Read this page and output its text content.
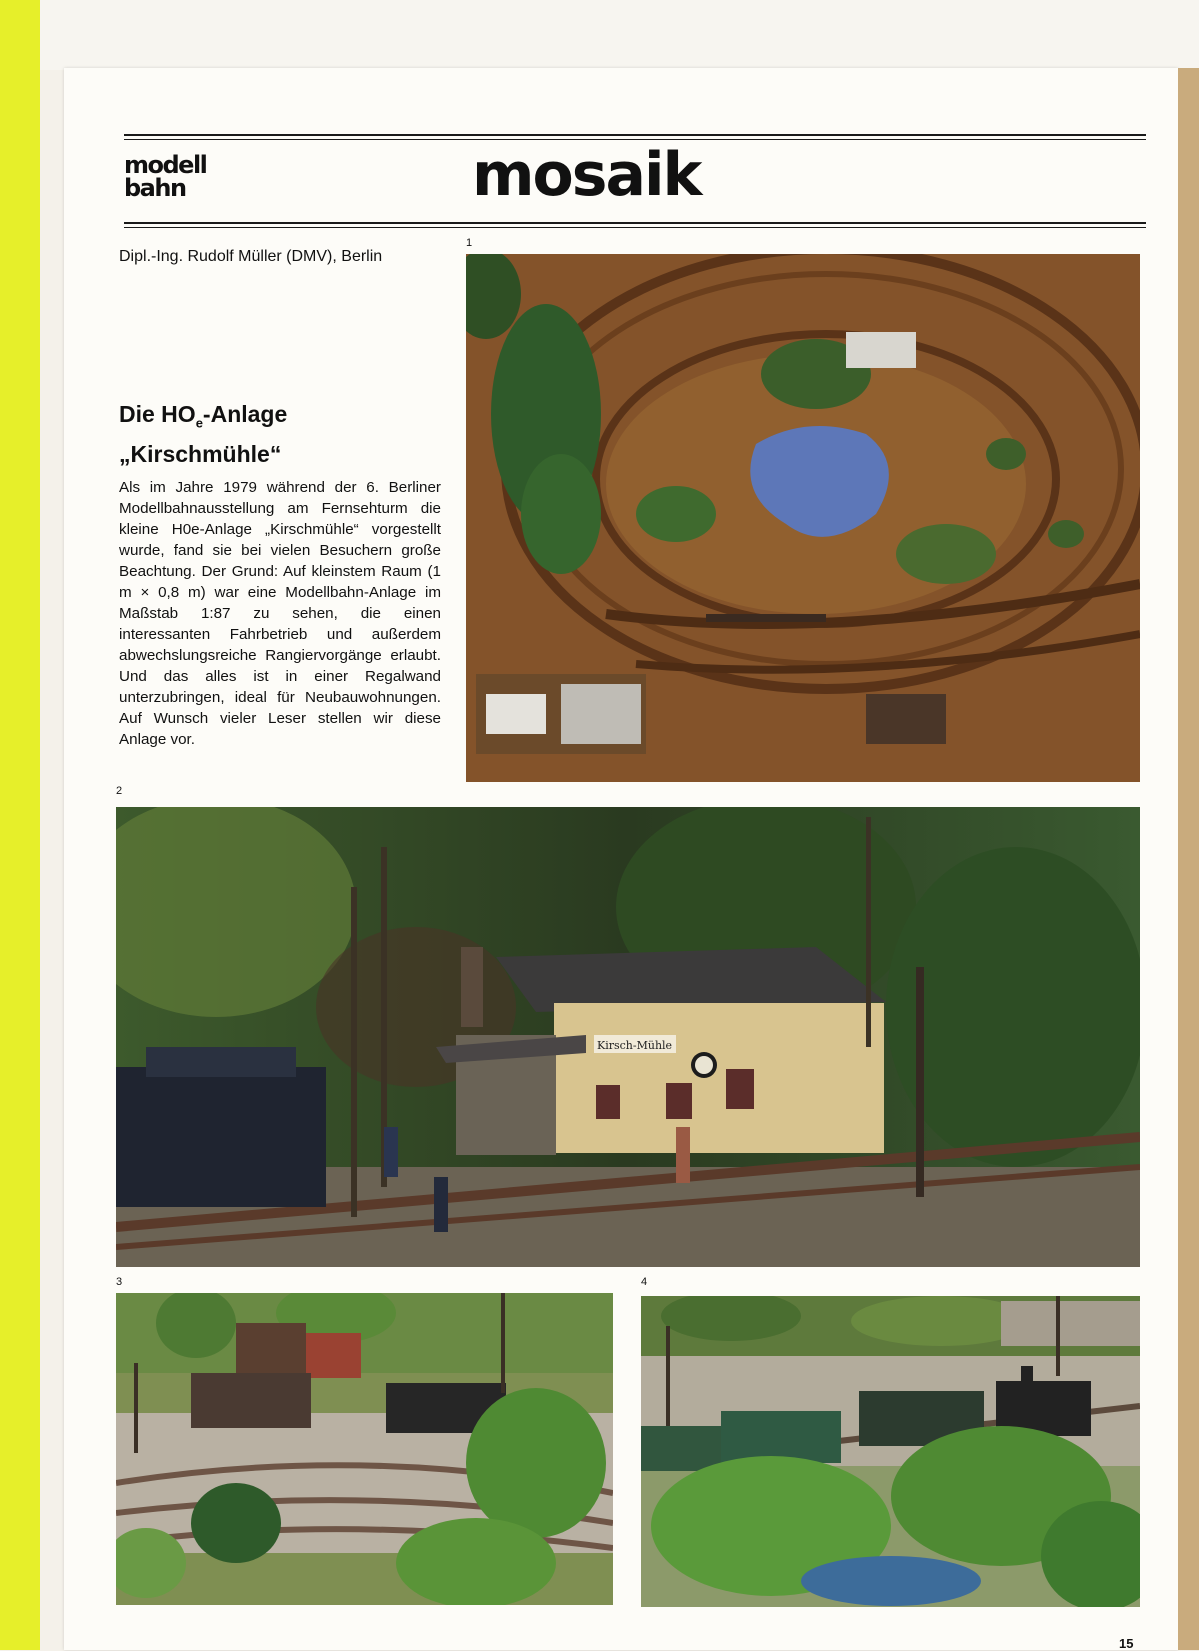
modell
bahn	mosaik
Dipl.-Ing. Rudolf Müller (DMV), Berlin
Die $HO_e$-Anlage
„Kirschmühle“
Als im Jahre 1979 während der 6. Berliner Modellbahnausstellung am Fernsehturm die kleine H0e-Anlage „Kirschmühle“ vorgestellt wurde, fand sie bei vielen Besuchern große Beachtung. Der Grund: Auf kleinstem Raum (1 m × 0,8 m) war eine Modellbahn-Anlage im Maßstab 1:87 zu sehen, die einen interessanten Fahrbetrieb und außerdem abwechslungsreiche Rangiervorgänge erlaubt. Und das alles ist in einer Regalwand unterzubringen, ideal für Neubauwohnungen. Auf Wunsch vieler Leser stellen wir diese Anlage vor.
1
2
Kirsch-Mühle
3	4
15
